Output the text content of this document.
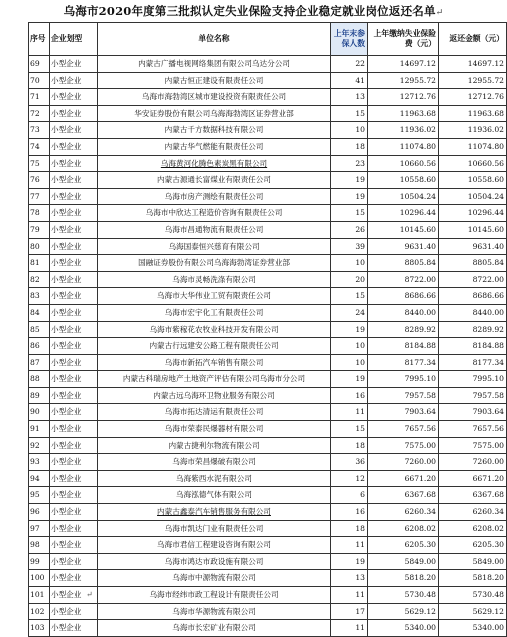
乌海市2020年度第三批拟认定失业保险支持企业稳定就业岗位返还名单↵
序号	企业划型	单位名称	上年末参保人数	上年缴纳失业保险费（元）	返还金额（元）
69	小型企业	内蒙古广播电视网络集团有限公司乌达分公司	22	14697.12	14697.12
70	小型企业	内蒙古恒正建设有限责任公司	41	12955.72	12955.72
71	小型企业	乌海市海勃湾区城市建设投资有限责任公司	13	12712.76	12712.76
72	小型企业	华安证券股份有限公司乌海海勃湾区证券营业部	15	11963.68	11963.68
73	小型企业	内蒙古千方数据科技有限公司	10	11936.02	11936.02
74	小型企业	内蒙古华气燃能有限责任公司	18	11074.80	11074.80
75	小型企业	乌海黄河化腾色素炭黑有限公司	23	10660.56	10660.56
76	小型企业	内蒙古源通长富煤业有限责任公司	19	10558.60	10558.60
77	小型企业	乌海市房产测绘有限责任公司	19	10504.24	10504.24
78	小型企业	乌海市中欣达工程造价咨询有限责任公司	15	10296.44	10296.44
79	小型企业	乌海市昌通物流有限责任公司	26	10145.60	10145.60
80	小型企业	乌海国泰恒兴慈育有限公司	39	9631.40	9631.40
81	小型企业	国融证券股份有限公司乌海海勃湾证券营业部	10	8805.84	8805.84
82	小型企业	乌海市灵畅洗涤有限公司	20	8722.00	8722.00
83	小型企业	乌海市大华伟业工贸有限责任公司	15	8686.66	8686.66
84	小型企业	乌海市宏宇化工有限责任公司	24	8440.00	8440.00
85	小型企业	乌海市紫稼花农牧业科技开发有限公司	19	8289.92	8289.92
86	小型企业	内蒙古行远建安公路工程有限责任公司	10	8184.88	8184.88
87	小型企业	乌海市新拓汽车销售有限公司	10	8177.34	8177.34
88	小型企业	内蒙古科瑞房地产土地资产评估有限公司乌海市分公司	19	7995.10	7995.10
89	小型企业	内蒙古远乌海环卫物业服务有限公司	16	7957.58	7957.58
90	小型企业	乌海市拓达清运有限责任公司	11	7903.64	7903.64
91	小型企业	乌海市荣泰民爆器材有限公司	15	7657.56	7657.56
92	小型企业	内蒙古捷利尔物流有限公司	18	7575.00	7575.00
93	小型企业	乌海市荣昌爆破有限公司	36	7260.00	7260.00
94	小型企业	乌海紫西水泥有限公司	12	6671.20	6671.20
95	小型企业	乌海泓德气体有限公司	6	6367.68	6367.68
96	小型企业	内蒙古鑫泰汽车销售服务有限公司	16	6260.34	6260.34
97	小型企业	乌海市凯达门业有限责任公司	18	6208.02	6208.02
98	小型企业	乌海市君信工程建设咨询有限公司	11	6205.30	6205.30
99	小型企业	乌海市鸿达市政设施有限公司	19	5849.00	5849.00
100	小型企业	乌海市中源物流有限公司	13	5818.20	5818.20
101	小型企业	乌海市经纬市政工程设计有限责任公司	11	5730.48	5730.48
102	小型企业	乌海市华源物流有限公司	17	5629.12	5629.12
103	小型企业	乌海市长宏矿业有限公司	11	5340.00	5340.00
↵
